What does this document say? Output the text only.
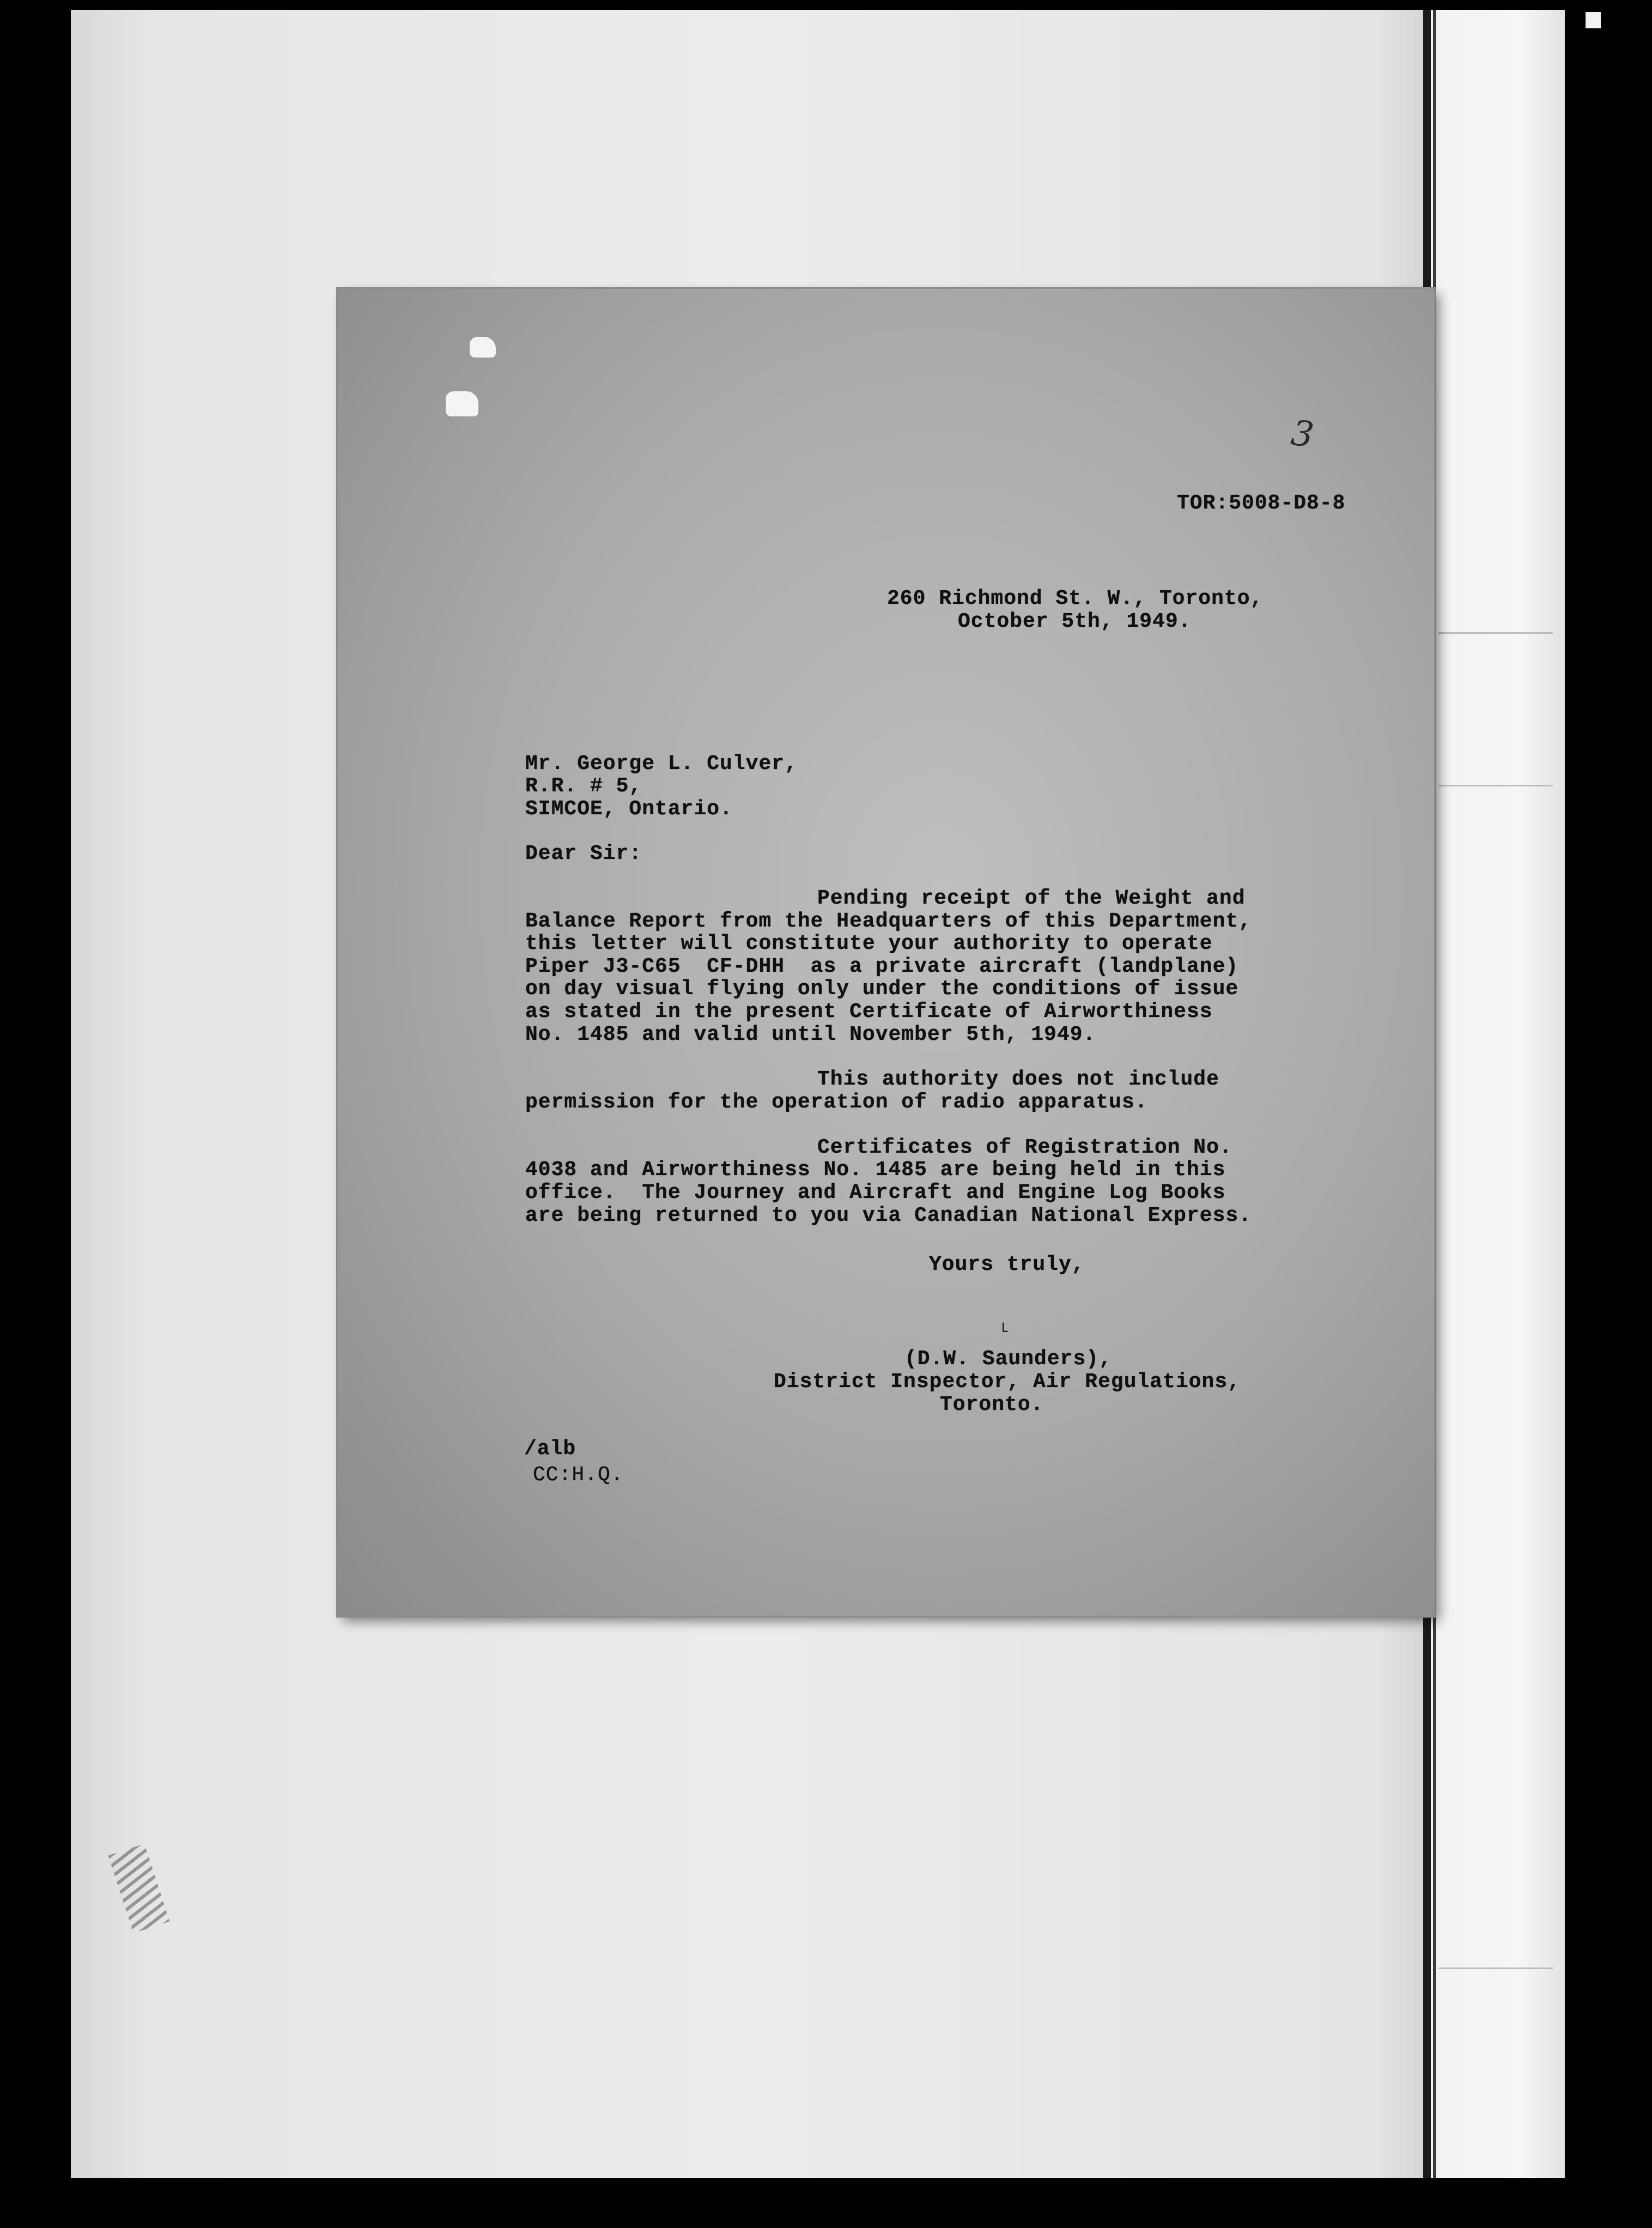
3
TOR:5008-D8-8
260 Richmond St. W., Toronto,
October 5th, 1949.
Mr. George L. Culver,
R.R. # 5,
SIMCOE, Ontario.
Dear Sir:
Pending receipt of the Weight and
Balance Report from the Headquarters of this Department,
this letter will constitute your authority to operate
Piper J3-C65  CF-DHH  as a private aircraft (landplane)
on day visual flying only under the conditions of issue
as stated in the present Certificate of Airworthiness
No. 1485 and valid until November 5th, 1949.
This authority does not include
permission for the operation of radio apparatus.
Certificates of Registration No.
4038 and Airworthiness No. 1485 are being held in this
office.  The Journey and Aircraft and Engine Log Books
are being returned to you via Canadian National Express.
Yours truly,
˪
(D.W. Saunders),
District Inspector, Air Regulations,
Toronto.
/alb
CC:H.Q.
